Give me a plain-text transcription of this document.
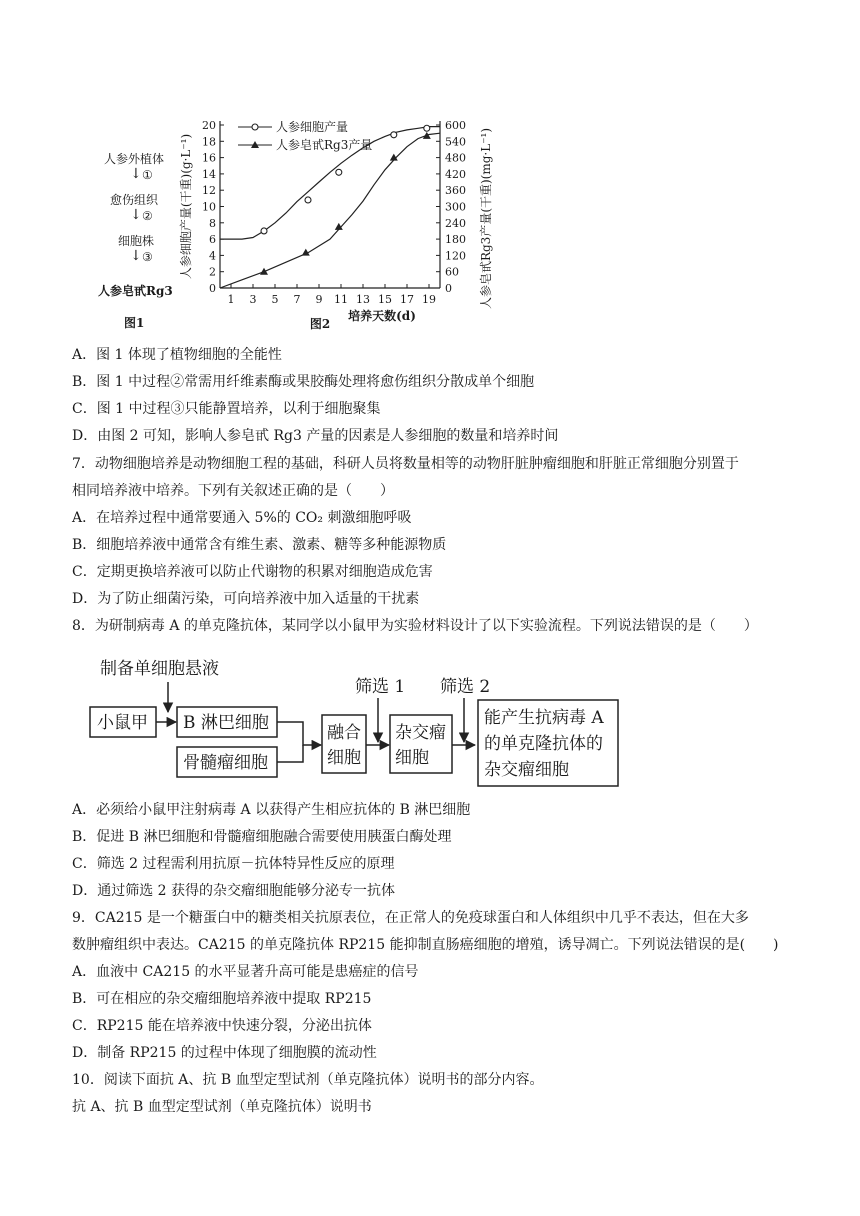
人参外植体
↓ ①
愈伤组织
↓ ②
细胞株
↓ ③
人参皂甙Rg3
图1
0
2
4
6
8
10
12
14
16
18
20
0
60
120
180
240
300
360
420
480
540
600
1 3 5 7 9 11 13 15 17 19
人参细胞产量(干重)(g·L⁻¹)	人参皂甙Rg3产量(干重)(mg·L⁻¹)
培养天数(d)
图2
人参细胞产量
人参皂甙Rg3产量
A．图 1 体现了植物细胞的全能性
B．图 1 中过程②常需用纤维素酶或果胶酶处理将愈伤组织分散成单个细胞
C．图 1 中过程③只能静置培养，以利于细胞聚集
D．由图 2 可知，影响人参皂甙 Rg3 产量的因素是人参细胞的数量和培养时间
7．动物细胞培养是动物细胞工程的基础，科研人员将数量相等的动物肝脏肿瘤细胞和肝脏正常细胞分别置于
相同培养液中培养。下列有关叙述正确的是（　　）
A．在培养过程中通常要通入 5%的 CO₂ 刺激细胞呼吸
B．细胞培养液中通常含有维生素、激素、糖等多种能源物质
C．定期更换培养液可以防止代谢物的积累对细胞造成危害
D．为了防止细菌污染，可向培养液中加入适量的干扰素
8．为研制病毒 A 的单克隆抗体，某同学以小鼠甲为实验材料设计了以下实验流程。下列说法错误的是（　　）
制备单细胞悬液
小鼠甲 B 淋巴细胞
骨髓瘤细胞
融合
细胞
筛选 1
杂交瘤
细胞
筛选 2
能产生抗病毒 A
的单克隆抗体的
杂交瘤细胞
A．必须给小鼠甲注射病毒 A 以获得产生相应抗体的 B 淋巴细胞
B．促进 B 淋巴细胞和骨髓瘤细胞融合需要使用胰蛋白酶处理
C．筛选 2 过程需利用抗原－抗体特异性反应的原理
D．通过筛选 2 获得的杂交瘤细胞能够分泌专一抗体
9．CA215 是一个糖蛋白中的糖类相关抗原表位，在正常人的免疫球蛋白和人体组织中几乎不表达，但在大多
数肿瘤组织中表达。CA215 的单克隆抗体 RP215 能抑制直肠癌细胞的增殖，诱导凋亡。下列说法错误的是(　　)
A．血液中 CA215 的水平显著升高可能是患癌症的信号
B．可在相应的杂交瘤细胞培养液中提取 RP215
C．RP215 能在培养液中快速分裂，分泌出抗体
D．制备 RP215 的过程中体现了细胞膜的流动性
10．阅读下面抗 A、抗 B 血型定型试剂（单克隆抗体）说明书的部分内容。
抗 A、抗 B 血型定型试剂（单克隆抗体）说明书
